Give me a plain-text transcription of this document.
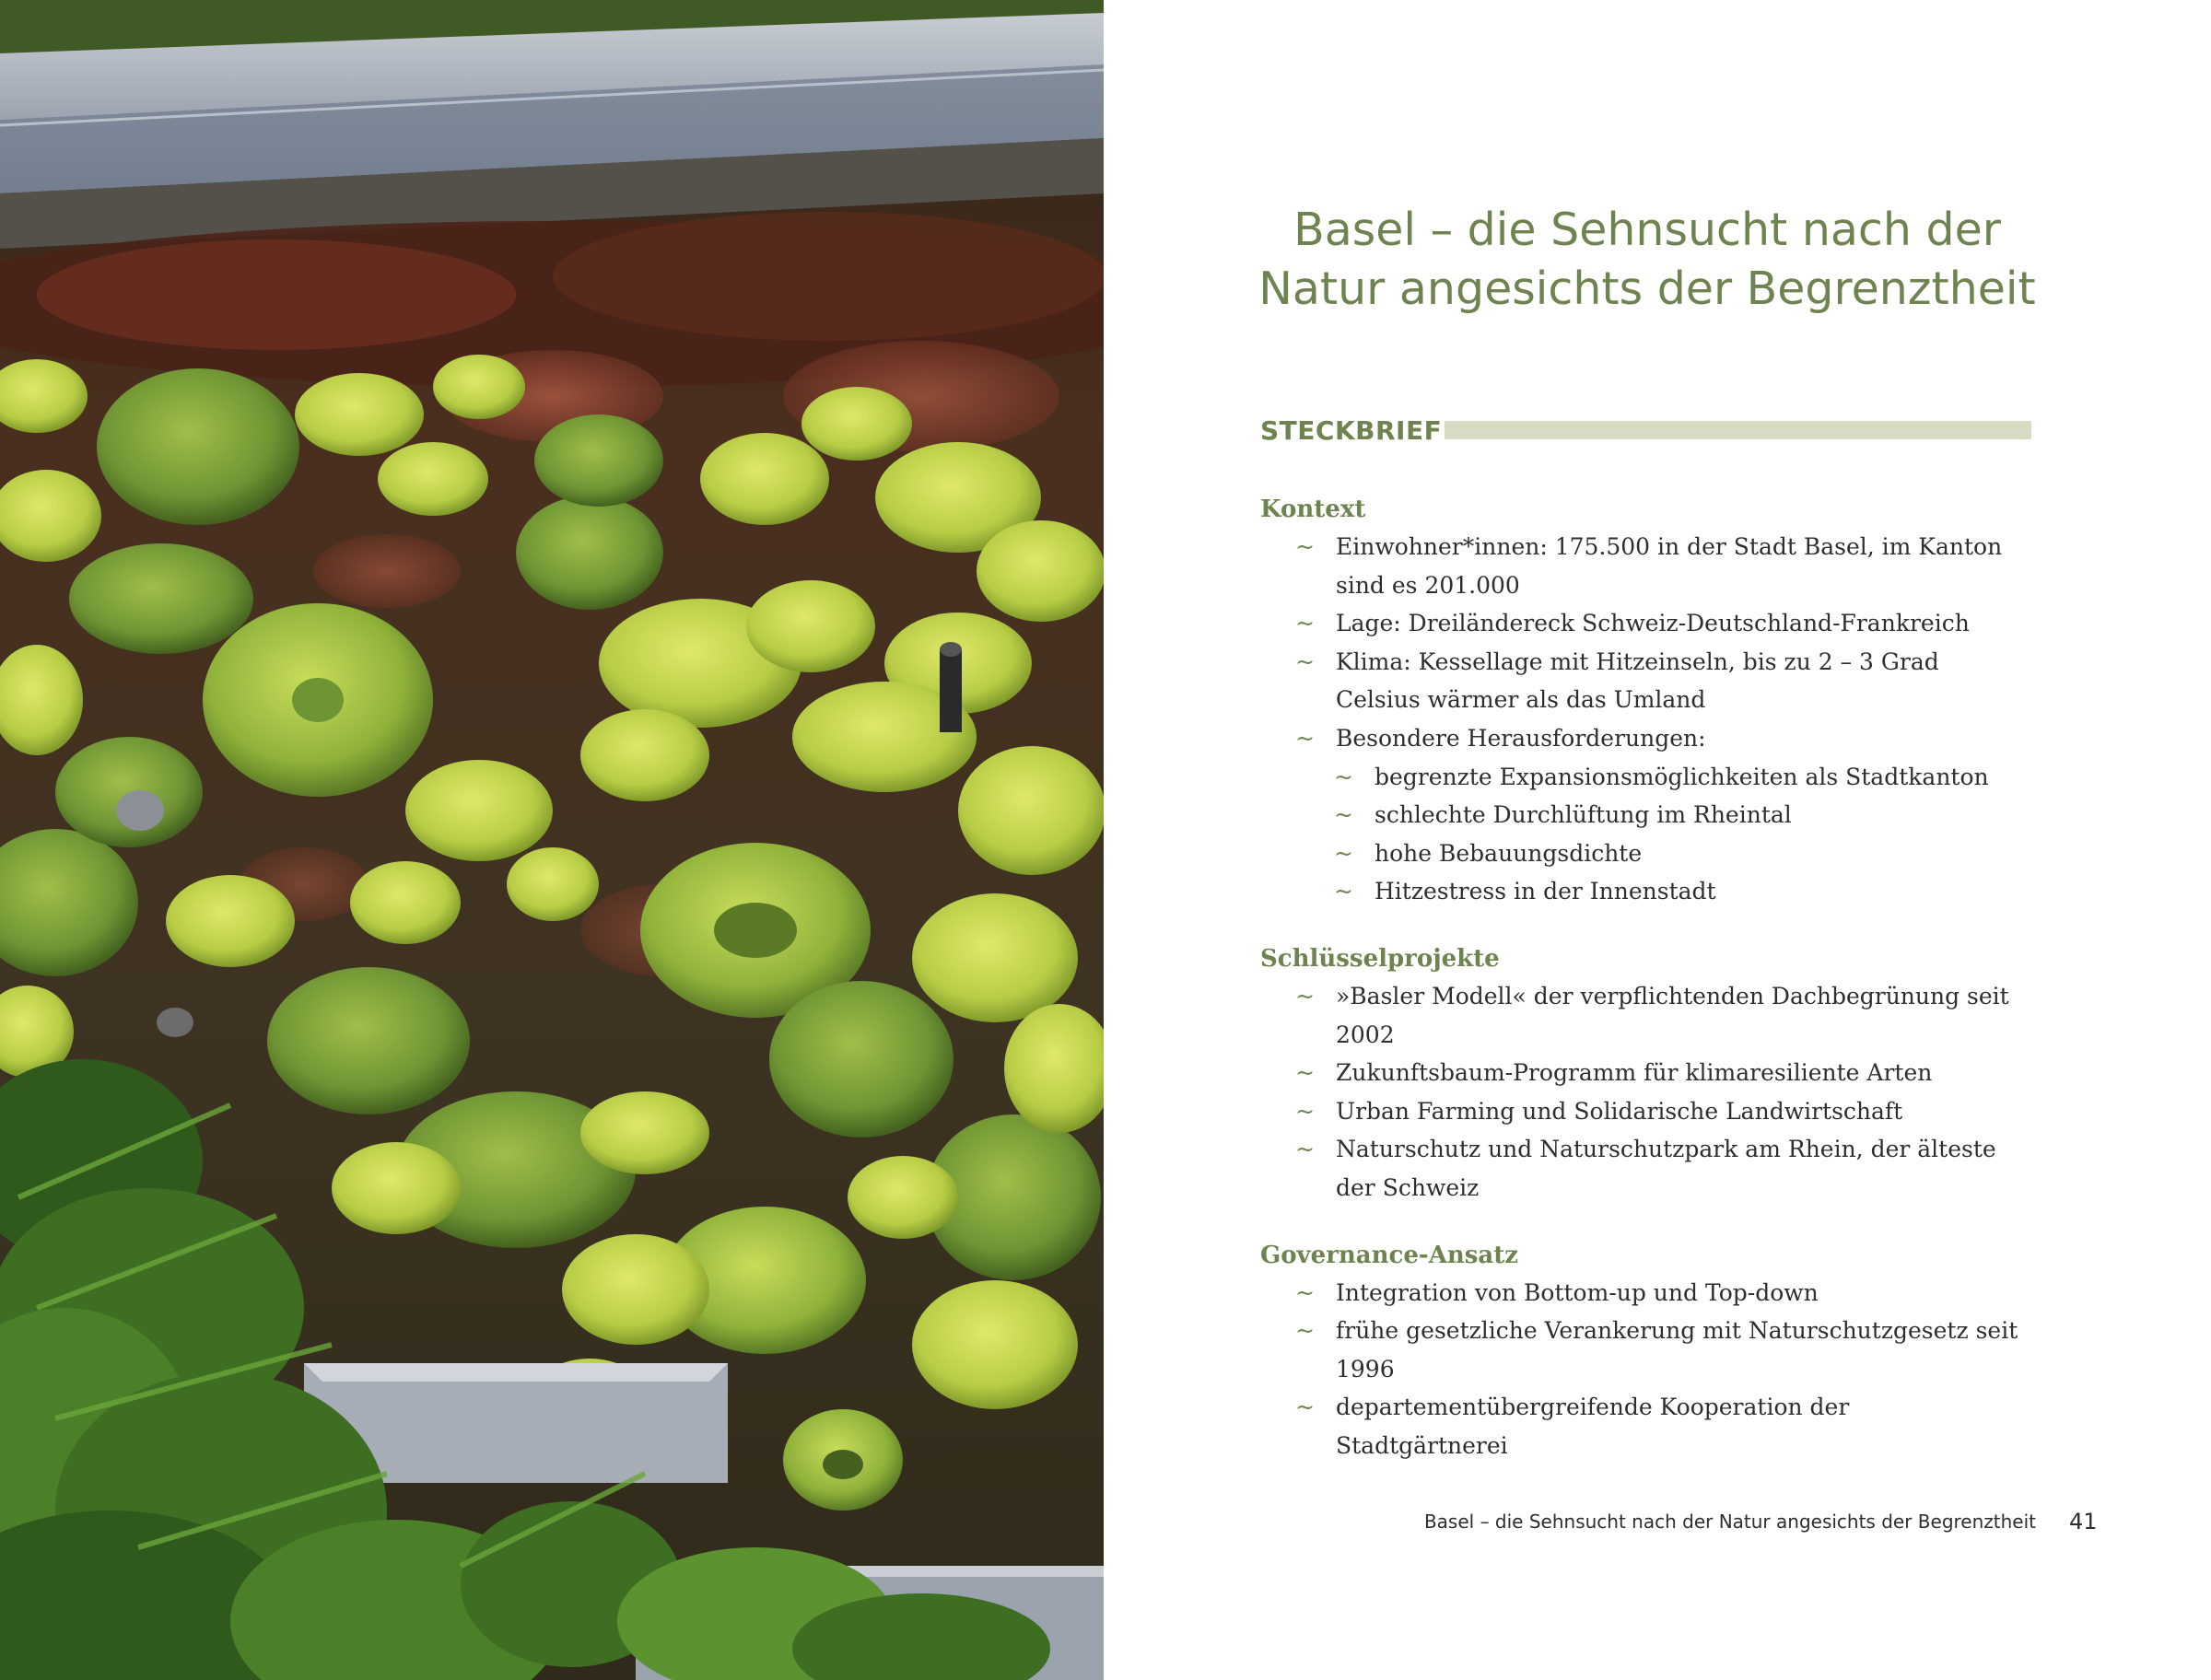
Basel – die Sehnsucht nach der Natur angesichts der Begrenztheit
STECKBRIEF
Kontext
~ Einwohner*innen: 175.500 in der Stadt Basel, im Kanton sind es 201.000
~ Lage: Dreiländereck Schweiz-Deutschland-Frankreich
~ Klima: Kessellage mit Hitzeinseln, bis zu 2 – 3 Grad Celsius wärmer als das Umland
~ Besondere Herausforderungen:
~ begrenzte Expansionsmöglichkeiten als Stadtkanton
~ schlechte Durchlüftung im Rheintal
~ hohe Bebauungsdichte
~ Hitzestress in der Innenstadt
Schlüsselprojekte
~ »Basler Modell« der verpflichtenden Dachbegrünung seit 2002
~ Zukunftsbaum-Programm für klimaresiliente Arten
~ Urban Farming und Solidarische Landwirtschaft
~ Naturschutz und Naturschutzpark am Rhein, der älteste der Schweiz
Governance-Ansatz
~ Integration von Bottom-up und Top-down
~ frühe gesetzliche Verankerung mit Naturschutzgesetz seit 1996
~ departementübergreifende Kooperation der Stadtgärtnerei
Basel – die Sehnsucht nach der Natur angesichts der Begrenztheit 41
